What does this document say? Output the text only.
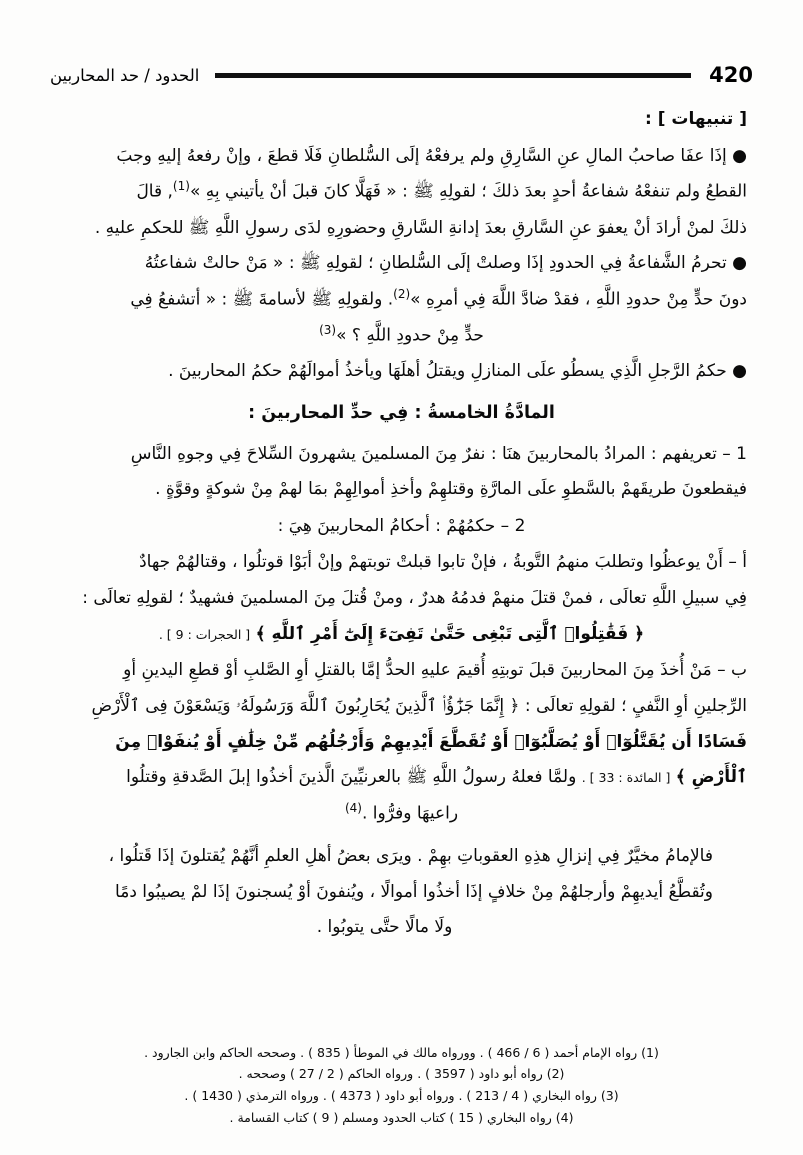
420
الحدود / حد المحاربين

[ تنبيهات ] :

● إذَا عفَا صاحبُ المالِ عنِ السَّارِقِ ولم يرفعْهُ إلَى السُّلطانِ فَلَا قطعَ ، وإنْ رفعهُ إليهِ وجبَ

القطعُ ولم تنفعْهُ شفاعةُ أحدٍ بعدَ ذلكَ ؛ لقولِهِ ﷺ : « فَهَلَّا كانَ قبلَ أنْ يأتيني بِهِ »$^{(1)}$, قالَ

ذلكَ لمنْ أرادَ أنْ يعفوَ عنِ السَّارقِ بعدَ إدانةِ السَّارقِ وحضورِهِ لدَى رسولِ اللَّهِ ﷺ للحكمِ عليهِ .

● تحرمُ الشَّفاعةُ فِي الحدودِ إذَا وصلتْ إلَى السُّلطانِ ؛ لقولِهِ ﷺ : « مَنْ حالتْ شفاعتُهُ

دونَ حدٍّ مِنْ حدودِ اللَّهِ ، فقدْ ضادَّ اللَّهَ فِي أمرِهِ »$^{(2)}$. ولقولِهِ ﷺ لأسامةَ ﷺ : « أتشفعُ فِي

حدٍّ مِنْ حدودِ اللَّهِ ؟ »$^{(3)}$

● حكمُ الرَّجلِ الَّذِي يسطُو علَى المنازلِ ويقتلُ أهلَهَا ويأخذُ أموالَهُمْ حكمُ المحاربينَ .

المادَّةُ الخامسةُ : فِي حدِّ المحاربينَ :

1 – تعريفهم : المرادُ بالمحاربينَ هنَا : نفرٌ مِنَ المسلمينَ يشهرونَ السِّلاحَ فِي وجوهِ النَّاسِ

فيقطعونَ طريقَهمْ بالسَّطوِ علَى المارَّةِ وقتلهِمْ وأخذِ أموالِهِمْ بمَا لهمْ مِنْ شوكةٍ وقوَّةٍ .

2 – حكمُهُمْ : أحكامُ المحاربينَ هِيَ :

أ – أَنْ يوعظُوا وتطلبَ منهمُ التَّوبةُ ، فإنْ تابوا قبلتْ توبتهمْ وإنْ أبَوْا قوتلُوا ، وقتالهُمْ جهادٌ

فِي سبيلِ اللَّهِ تعالَى ، فمنْ قتلَ منهمْ فدمُهُ هدرٌ ، ومنْ قُتلَ مِنَ المسلمينَ فشهيدٌ ؛ لقولِهِ تعالَى :

﴿ فَقَٰتِلُوا۟ ٱلَّتِى تَبْغِى حَتَّىٰ تَفِىٓءَ إِلَىٰٓ أَمْرِ ٱللَّهِ ﴾ [ الحجرات : 9 ] .

ب – مَنْ أُخذَ مِنَ المحاربينَ قبلَ توبتِهِ أُقيمَ عليهِ الحدُّ إمَّا بالقتلِ أوِ الصَّلبِ أوْ قطعِ اليدينِ أوِ

الرِّجلينِ أوِ النَّفيِ ؛ لقولِهِ تعالَى : ﴿ إِنَّمَا جَزَٰٓؤُا۟ ٱلَّذِينَ يُحَارِبُونَ ٱللَّهَ وَرَسُولَهُۥ وَيَسْعَوْنَ فِى ٱلْأَرْضِ

فَسَادًا أَن يُقَتَّلُوٓا۟ أَوْ يُصَلَّبُوٓا۟ أَوْ تُقَطَّعَ أَيْدِيهِمْ وَأَرْجُلُهُم مِّنْ خِلَٰفٍ أَوْ يُنفَوْا۟ مِنَ

ٱلْأَرْضِ ﴾ [ المائدة : 33 ] . ولمَّا فعلهُ رسولُ اللَّهِ ﷺ بالعرنيِّينَ الَّذينَ أخذُوا إبلَ الصَّدقةِ وقتلُوا

راعيهَا وفرُّوا .$^{(4)}$

فالإمامُ مخيَّرٌ فِي إنزالِ هذِهِ العقوباتِ بهِمْ . ويرَى بعضُ أهلِ العلمِ أنَّهُمْ يُقتلونَ إذَا قَتلُوا ،

وتُقطَّعُ أيديهِمْ وأرجلهُمْ مِنْ خلافٍ إذَا أخذُوا أموالًا ، ويُنفونَ أوْ يُسجنونَ إذَا لمْ يصيبُوا دمًا

ولَا مالًا حتَّى يتوبُوا .

(1) رواه الإمام أحمد ( 6 / 466 ) . وورواه مالك في الموطأ ( 835 ) . وصححه الحاكم وابن الجارود .
(2) رواه أبو داود ( 3597 ) . ورواه الحاكم ( 2 / 27 ) وصححه .
(3) رواه البخاري ( 4 / 213 ) . ورواه أبو داود ( 4373 ) . ورواه الترمذي ( 1430 ) .
(4) رواه البخاري ( 15 ) كتاب الحدود ومسلم ( 9 ) كتاب القسامة .
